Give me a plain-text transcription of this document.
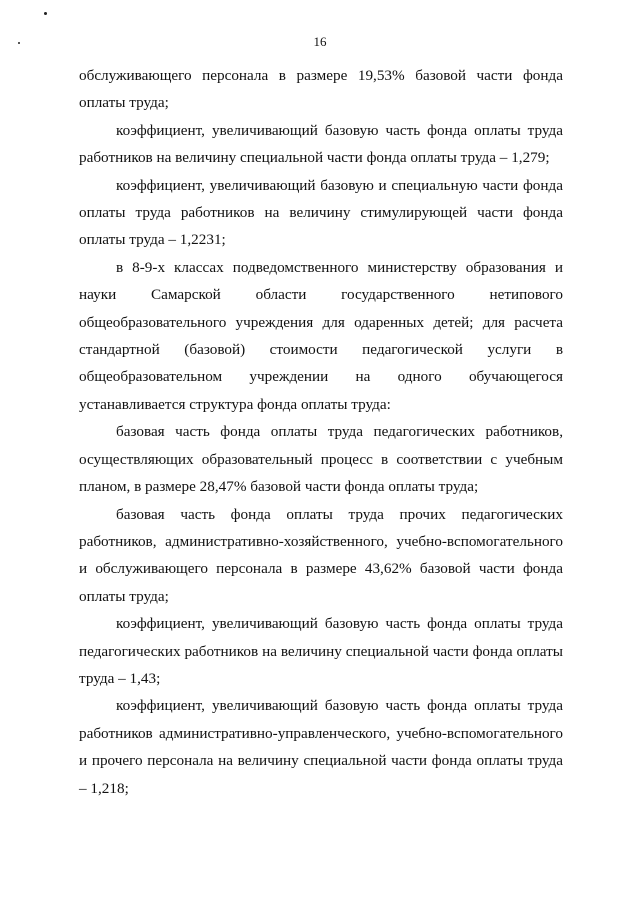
16

обслуживающего персонала в размере 19,53% базовой части фонда оплаты труда;

коэффициент, увеличивающий базовую часть фонда оплаты труда работников на величину специальной части фонда оплаты труда – 1,279;

коэффициент, увеличивающий базовую и специальную части фонда оплаты труда работников на величину стимулирующей части фонда оплаты труда – 1,2231;

в 8-9-х классах подведомственного министерству образования и науки Самарской области государственного нетипового общеобразовательного учреждения для одаренных детей; для расчета стандартной (базовой) стоимости педагогической услуги в общеобразовательном учреждении на одного обучающегося устанавливается структура фонда оплаты труда:

базовая часть фонда оплаты труда педагогических работников, осуществляющих образовательный процесс в соответствии с учебным планом, в размере 28,47% базовой части фонда оплаты труда;

базовая часть фонда оплаты труда прочих педагогических работников, административно-хозяйственного, учебно-вспомогательного и обслуживающего персонала в размере 43,62% базовой части фонда оплаты труда;

коэффициент, увеличивающий базовую часть фонда оплаты труда педагогических работников на величину специальной части фонда оплаты труда – 1,43;

коэффициент, увеличивающий базовую часть фонда оплаты труда работников административно-управленческого, учебно-вспомогательного и прочего персонала на величину специальной части фонда оплаты труда – 1,218;
